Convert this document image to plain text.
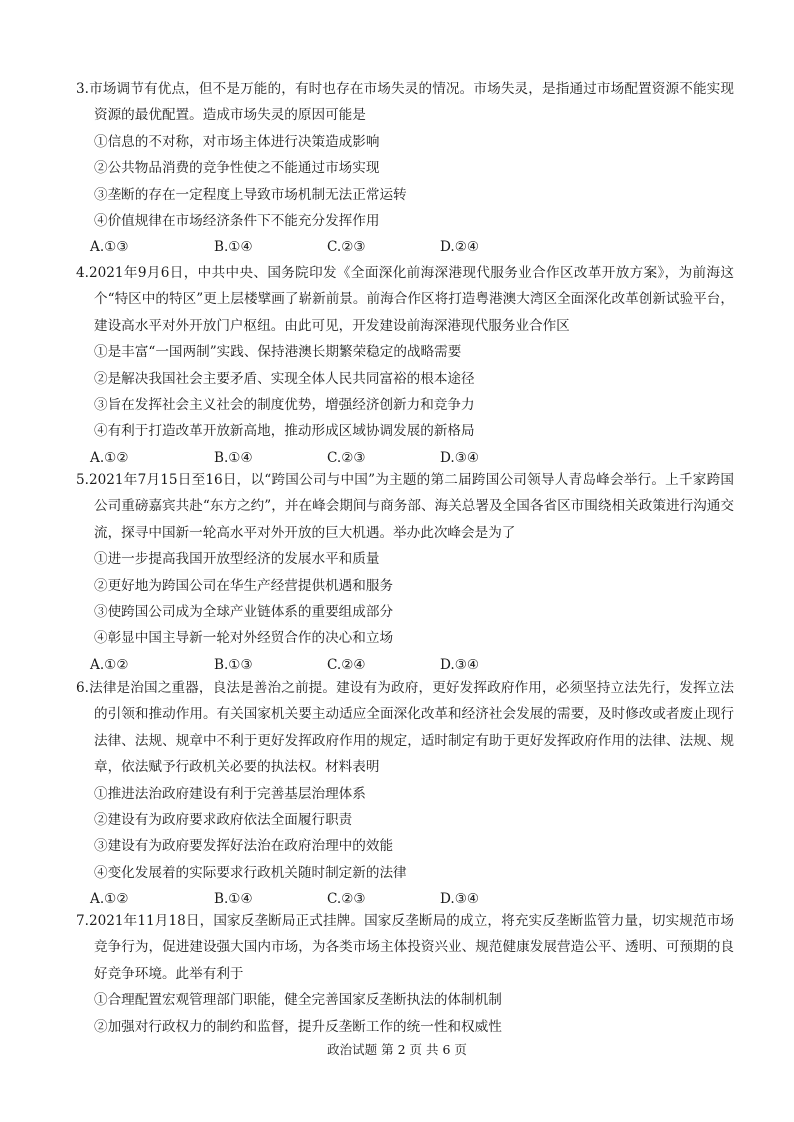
3.市场调节有优点，但不是万能的，有时也存在市场失灵的情况。市场失灵，是指通过市场配置资源不能实现资源的最优配置。造成市场失灵的原因可能是

①信息的不对称，对市场主体进行决策造成影响

②公共物品消费的竞争性使之不能通过市场实现

③垄断的存在一定程度上导致市场机制无法正常运转

④价值规律在市场经济条件下不能充分发挥作用

A.①③	B.①④	C.②③	D.②④

4.2021年9月6日，中共中央、国务院印发《全面深化前海深港现代服务业合作区改革开放方案》，为前海这个“特区中的特区”更上层楼擘画了崭新前景。前海合作区将打造粤港澳大湾区全面深化改革创新试验平台，建设高水平对外开放门户枢纽。由此可见，开发建设前海深港现代服务业合作区

①是丰富“一国两制”实践、保持港澳长期繁荣稳定的战略需要

②是解决我国社会主要矛盾、实现全体人民共同富裕的根本途径

③旨在发挥社会主义社会的制度优势，增强经济创新力和竞争力

④有利于打造改革开放新高地，推动形成区域协调发展的新格局

A.①②	B.①④	C.②③	D.③④

5.2021年7月15日至16日，以“跨国公司与中国”为主题的第二届跨国公司领导人青岛峰会举行。上千家跨国公司重磅嘉宾共赴“东方之约”，并在峰会期间与商务部、海关总署及全国各省区市围绕相关政策进行沟通交流，探寻中国新一轮高水平对外开放的巨大机遇。举办此次峰会是为了

①进一步提高我国开放型经济的发展水平和质量

②更好地为跨国公司在华生产经营提供机遇和服务

③使跨国公司成为全球产业链体系的重要组成部分

④彰显中国主导新一轮对外经贸合作的决心和立场

A.①②	B.①③	C.②④	D.③④

6.法律是治国之重器，良法是善治之前提。建设有为政府，更好发挥政府作用，必须坚持立法先行，发挥立法的引领和推动作用。有关国家机关要主动适应全面深化改革和经济社会发展的需要，及时修改或者废止现行法律、法规、规章中不利于更好发挥政府作用的规定，适时制定有助于更好发挥政府作用的法律、法规、规章，依法赋予行政机关必要的执法权。材料表明

①推进法治政府建设有利于完善基层治理体系

②建设有为政府要求政府依法全面履行职责

③建设有为政府要发挥好法治在政府治理中的效能

④变化发展着的实际要求行政机关随时制定新的法律

A.①②	B.①④	C.②③	D.③④

7.2021年11月18日，国家反垄断局正式挂牌。国家反垄断局的成立，将充实反垄断监管力量，切实规范市场竞争行为，促进建设强大国内市场，为各类市场主体投资兴业、规范健康发展营造公平、透明、可预期的良好竞争环境。此举有利于

①合理配置宏观管理部门职能，健全完善国家反垄断执法的体制机制

②加强对行政权力的制约和监督，提升反垄断工作的统一性和权威性

政治试题 第 2 页 共 6 页
